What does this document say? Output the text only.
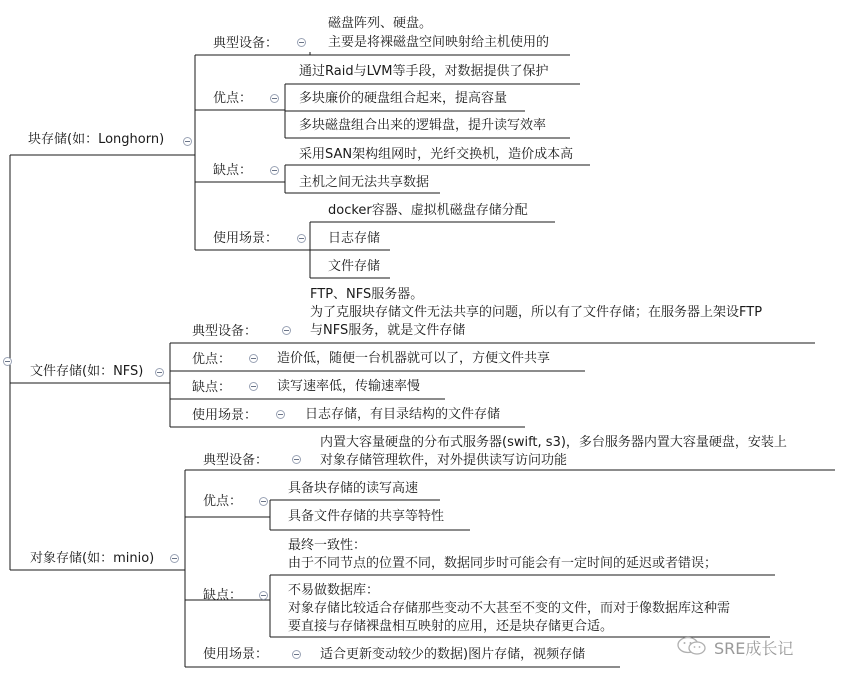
块存储(如：Longhorn)
典型设备：
磁盘阵列、硬盘。
主要是将裸磁盘空间映射给主机使用的
优点：
通过Raid与LVM等手段，对数据提供了保护
多块廉价的硬盘组合起来，提高容量
多块磁盘组合出来的逻辑盘，提升读写效率
缺点：
采用SAN架构组网时，光纤交换机，造价成本高
主机之间无法共享数据
使用场景：
docker容器、虚拟机磁盘存储分配
日志存储
文件存储
文件存储(如：NFS)
典型设备：
FTP、NFS服务器。
为了克服块存储文件无法共享的问题，所以有了文件存储；在服务器上架设FTP
与NFS服务，就是文件存储
优点：	造价低，随便一台机器就可以了，方便文件共享
缺点：	读写速率低，传输速率慢
使用场景：	日志存储，有目录结构的文件存储
对象存储(如：minio)
典型设备：
内置大容量硬盘的分布式服务器(swift, s3)，多台服务器内置大容量硬盘，安装上
对象存储管理软件，对外提供读写访问功能
优点：
具备块存储的读写高速
具备文件存储的共享等特性
缺点：
最终一致性：
由于不同节点的位置不同，数据同步时可能会有一定时间的延迟或者错误；
不易做数据库：
对象存储比较适合存储那些变动不大甚至不变的文件，而对于像数据库这种需
要直接与存储裸盘相互映射的应用，还是块存储更合适。
使用场景：	适合更新变动较少的数据)图片存储，视频存储	SRE成长记
